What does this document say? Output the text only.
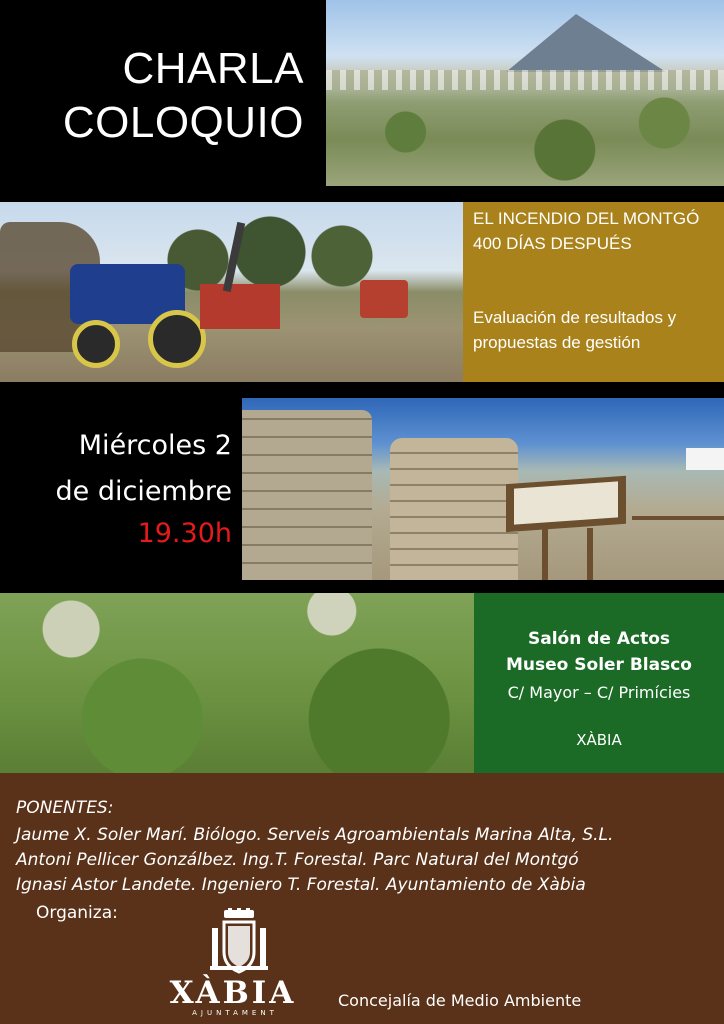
CHARLA
COLOQUIO
EL INCENDIO DEL MONTGÓ 400 DÍAS DESPUÉS
Evaluación de resultados y propuestas de gestión
Miércoles 2
de diciembre
19.30h
Salón de Actos
Museo Soler Blasco
C/ Mayor – C/ Primícies
XÀBIA
PONENTES:
Jaume X. Soler Marí. Biólogo. Serveis Agroambientals Marina Alta, S.L.
Antoni Pellicer Gonzálbez. Ing.T. Forestal. Parc Natural del Montgó
Ignasi Astor Landete. Ingeniero T. Forestal. Ayuntamiento de Xàbia
Organiza:
XÀBIA
AJUNTAMENT
Concejalía de Medio Ambiente
